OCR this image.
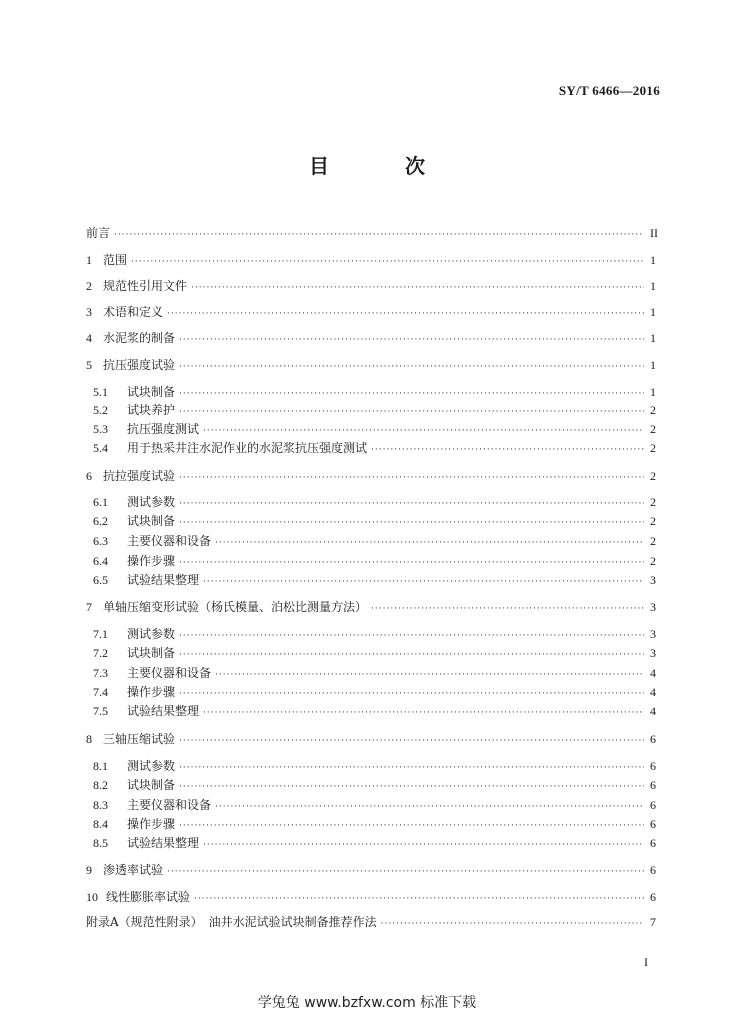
SY/T 6466—2016
目　次
前言 ·····	II
1 范围 ·····	1
2 规范性引用文件 ·····	1
3 术语和定义 ·····	1
4 水泥浆的制备 ·····	1
5 抗压强度试验 ·····	1
5.1	试块制备 ·····	1
5.2	试块养护 ·····	2
5.3	抗压强度测试 ·····	2
5.4	用于热采井注水泥作业的水泥浆抗压强度测试 ·····	2
6 抗拉强度试验 ·····	2
6.1	测试参数 ·····	2
6.2	试块制备 ·····	2
6.3	主要仪器和设备 ·····	2
6.4	操作步骤 ·····	2
6.5	试验结果整理 ·····	3
7 单轴压缩变形试验（杨氏模量、泊松比测量方法） ·····	3
7.1	测试参数 ·····	3
7.2	试块制备 ·····	3
7.3	主要仪器和设备 ·····	4
7.4	操作步骤 ·····	4
7.5	试验结果整理 ·····	4
8 三轴压缩试验 ·····	6
8.1	测试参数 ·····	6
8.2	试块制备 ·····	6
8.3	主要仪器和设备 ·····	6
8.4	操作步骤 ·····	6
8.5	试验结果整理 ·····	6
9 渗透率试验 ·····	6
10 线性膨胀率试验 ·····	6
附录A（规范性附录）　油井水泥试验试块制备推荐作法 ·····	7
I
学兔兔 www.bzfxw.com 标准下载
